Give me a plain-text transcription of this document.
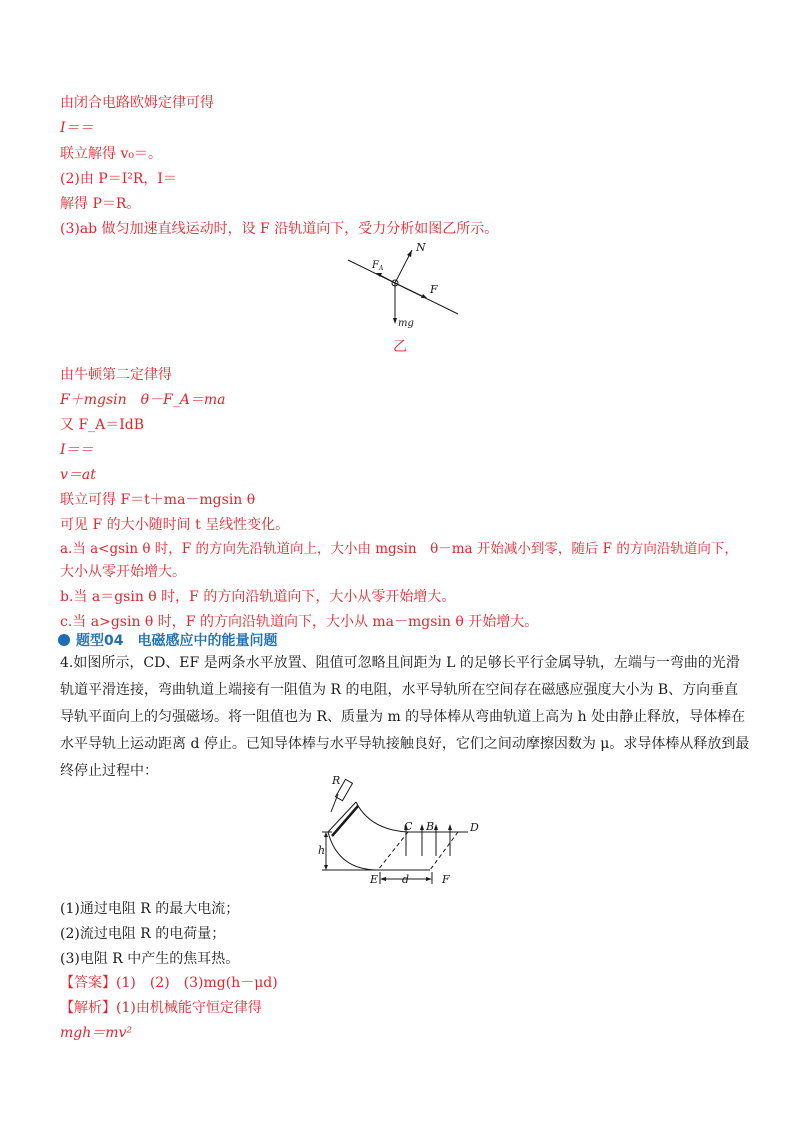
由闭合电路欧姆定律可得
I＝＝
联立解得 v₀＝。
(2)由 P＝I²R，I＝
解得 P＝R。
(3)ab 做匀加速直线运动时，设 F 沿轨道向下，受力分析如图乙所示。
N
$F_A$
F
mg
乙
由牛顿第二定律得
F＋mgsin　θ－F_A＝ma
又 F_A＝IdB
I＝＝
v＝at
联立可得 F＝t＋ma－mgsin θ
可见 F 的大小随时间 t 呈线性变化。
a.当 a<gsin θ 时，F 的方向先沿轨道向上，大小由 mgsin　θ－ma 开始减小到零，随后 F 的方向沿轨道向下，
大小从零开始增大。
b.当 a＝gsin θ 时，F 的方向沿轨道向下，大小从零开始增大。
c.当 a>gsin θ 时，F 的方向沿轨道向下，大小从 ma－mgsin θ 开始增大。
题型04　电磁感应中的能量问题
4.如图所示，CD、EF 是两条水平放置、阻值可忽略且间距为 L 的足够长平行金属导轨，左端与一弯曲的光滑轨道平滑连接，弯曲轨道上端接有一阻值为 R 的电阻，水平导轨所在空间存在磁感应强度大小为 B、方向垂直导轨平面向上的匀强磁场。将一阻值也为 R、质量为 m 的导体棒从弯曲轨道上高为 h 处由静止释放，导体棒在水平导轨上运动距离 d 停止。已知导体棒与水平导轨接触良好，它们之间动摩擦因数为 μ。求导体棒从释放到最终停止过程中：
R
C B	D
h
E d	F
(1)通过电阻 R 的最大电流；
(2)流过电阻 R 的电荷量；
(3)电阻 R 中产生的焦耳热。
【答案】(1)　(2)　(3)mg(h－μd)
【解析】(1)由机械能守恒定律得
mgh＝mv²
